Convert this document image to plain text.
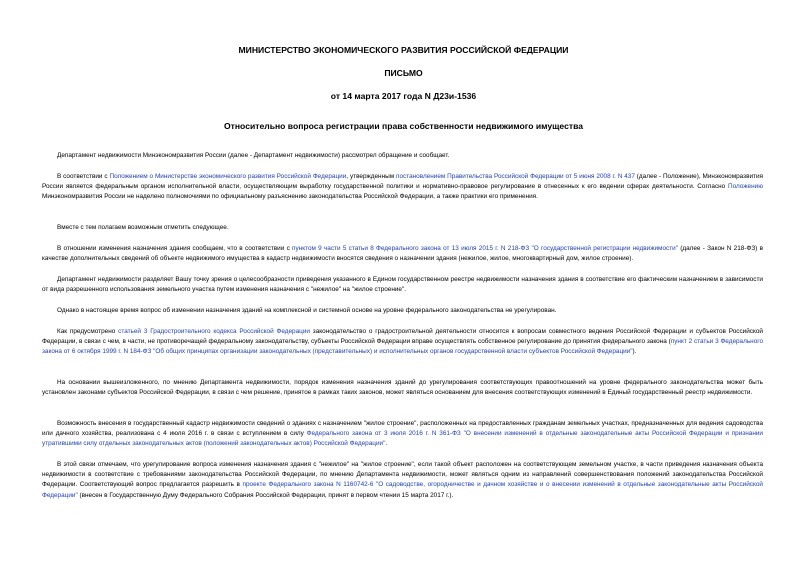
МИНИСТЕРСТВО ЭКОНОМИЧЕСКОГО РАЗВИТИЯ РОССИЙСКОЙ ФЕДЕРАЦИИ
ПИСЬМО
от 14 марта 2017 года N Д23и-1536
Относительно вопроса регистрации права собственности недвижимого имущества

Департамент недвижимости Минэкономразвития России (далее - Департамент недвижимости) рассмотрел обращение и сообщает.

В соответствии с Положением о Министерстве экономического развития Российской Федерации, утвержденным постановлением Правительства Российской Федерации от 5 июня 2008 г. N 437 (далее - Положение), Минэкономразвития России является федеральным органом исполнительной власти, осуществляющим выработку государственной политики и нормативно-правовое регулирование в отнесенных к его ведении сферах деятельности. Согласно Положению Минэкономразвития России не наделено полномочиями по официальному разъяснению законодательства Российской Федерации, а также практики его применения.

Вместе с тем полагаем возможным отметить следующее.

В отношении изменения назначения здания сообщаем, что в соответствии с пунктом 9 части 5 статьи 8 Федерального закона от 13 июля 2015 г. N 218-ФЗ "О государственной регистрации недвижимости" (далее - Закон N 218-ФЗ) в качестве дополнительных сведений об объекте недвижимого имущества в кадастр недвижимости вносятся сведения о назначении здания (нежилое, жилое, многоквартирный дом, жилое строение).

Департамент недвижимости разделяет Вашу точку зрения о целесообразности приведения указанного в Едином государственном реестре недвижимости назначения здания в соответствие его фактическим назначением в зависимости от вида разрешенного использования земельного участка путем изменения назначения с "нежилое" на "жилое строение".

Однако в настоящее время вопрос об изменении назначения зданий на комплексной и системной основе на уровне федерального законодательства не урегулирован.

Как предусмотрено статьей 3 Градостроительного кодекса Российской Федерации законодательство о градостроительной деятельности относится к вопросам совместного ведения Российской Федерации и субъектов Российской Федерации, в связи с чем, в части, не противоречащей федеральному законодательству, субъекты Российской Федерации вправе осуществлять собственное регулирование до принятия федерального закона (пункт 2 статьи 3 Федерального закона от 6 октября 1999 г. N 184-ФЗ "Об общих принципах организации законодательных (представительных) и исполнительных органов государственной власти субъектов Российской Федерации").

На основании вышеизложенного, по мнению Департамента недвижимости, порядок изменения назначения зданий до урегулирования соответствующих правоотношений на уровне федерального законодательства может быть установлен законами субъектов Российской Федерации, в связи с чем решение, принятое в рамках таких законов, может являться основанием для внесения соответствующих изменений в Единый государственный реестр недвижимости.

Возможность внесения в государственный кадастр недвижимости сведений о зданиях с назначением "жилое строение", расположенных на предоставленных гражданам земельных участках, предназначенных для ведения садоводства или дачного хозяйства, реализована с 4 июля 2016 г. в связи с вступлением в силу Федерального закона от 3 июля 2016 г. N 361-ФЗ "О внесении изменений в отдельные законодательные акты Российской Федерации и признании утратившими силу отдельных законодательных актов (положений законодательных актов) Российской Федерации".

В этой связи отмечаем, что урегулирование вопроса изменения назначения здания с "нежилое" на "жилое строение", если такой объект расположен на соответствующем земельном участке, в части приведения назначения объекта недвижимости в соответствие с требованиями законодательства Российской Федерации, по мнению Департамента недвижимости, может являться одним из направлений совершенствования положений законодательства Российской Федерации. Соответствующий вопрос предлагается разрешить в проекте Федерального закона N 1160742-6 "О садоводстве, огородничестве и дачном хозяйстве и о внесении изменений в отдельные законодательные акты Российской Федерации" (внесен в Государственную Думу Федерального Собрания Российской Федерации, принят в первом чтении 15 марта 2017 г.).
